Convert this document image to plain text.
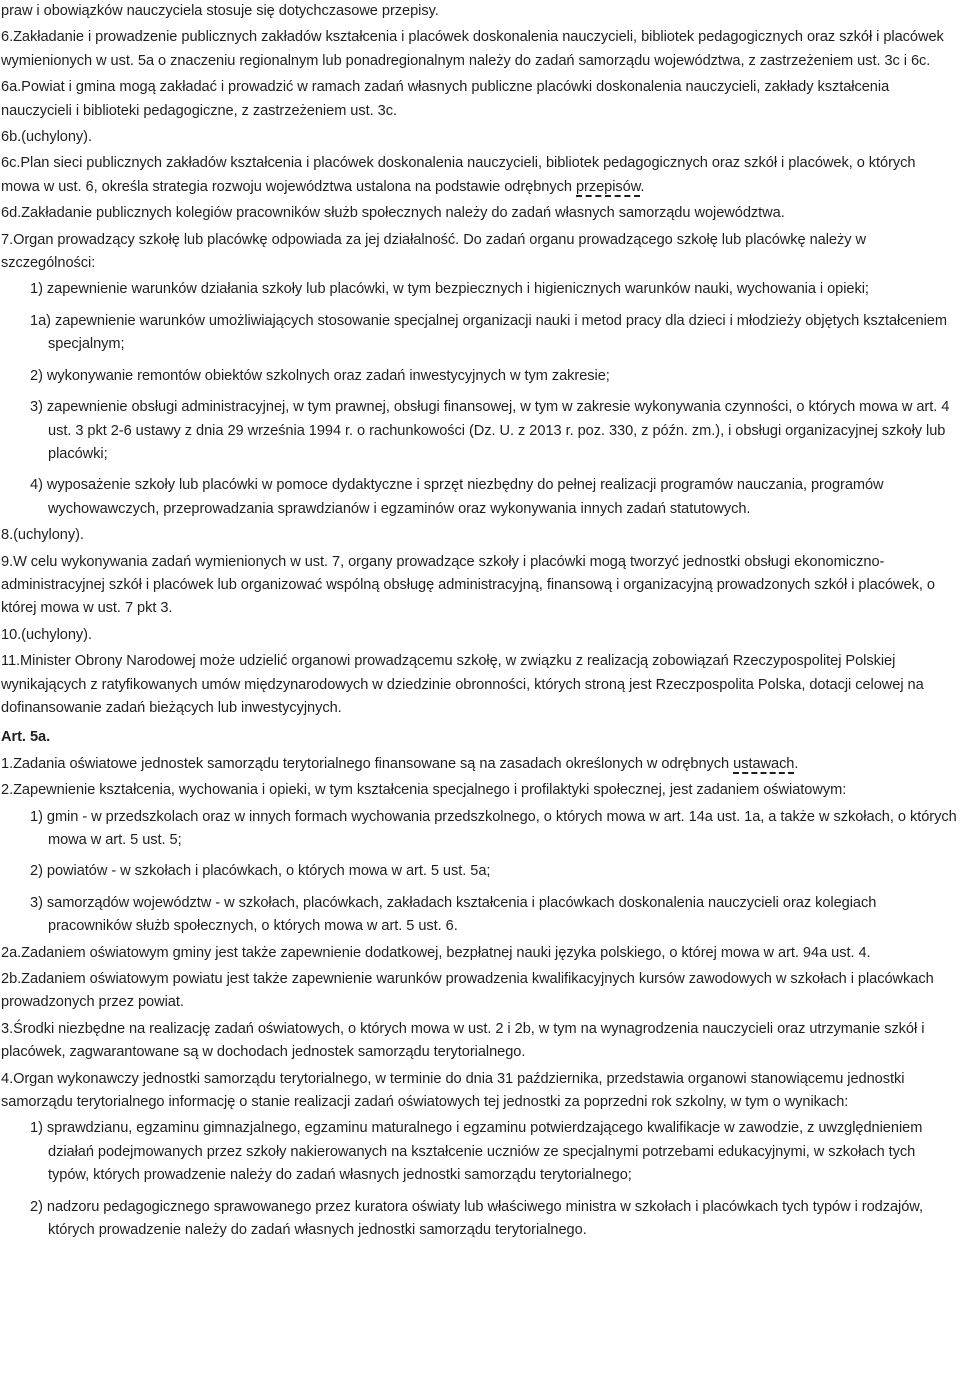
praw i obowiązków nauczyciela stosuje się dotychczasowe przepisy.

6.Zakładanie i prowadzenie publicznych zakładów kształcenia i placówek doskonalenia nauczycieli, bibliotek pedagogicznych oraz szkół i placówek wymienionych w ust. 5a o znaczeniu regionalnym lub ponadregionalnym należy do zadań samorządu województwa, z zastrzeżeniem ust. 3c i 6c.

6a.Powiat i gmina mogą zakładać i prowadzić w ramach zadań własnych publiczne placówki doskonalenia nauczycieli, zakłady kształcenia nauczycieli i biblioteki pedagogiczne, z zastrzeżeniem ust. 3c.

6b.(uchylony).

6c.Plan sieci publicznych zakładów kształcenia i placówek doskonalenia nauczycieli, bibliotek pedagogicznych oraz szkół i placówek, o których mowa w ust. 6, określa strategia rozwoju województwa ustalona na podstawie odrębnych przepisów.

6d.Zakładanie publicznych kolegiów pracowników służb społecznych należy do zadań własnych samorządu województwa.

7.Organ prowadzący szkołę lub placówkę odpowiada za jej działalność. Do zadań organu prowadzącego szkołę lub placówkę należy w szczególności:

1) zapewnienie warunków działania szkoły lub placówki, w tym bezpiecznych i higienicznych warunków nauki, wychowania i opieki;

1a) zapewnienie warunków umożliwiających stosowanie specjalnej organizacji nauki i metod pracy dla dzieci i młodzieży objętych kształceniem specjalnym;

2) wykonywanie remontów obiektów szkolnych oraz zadań inwestycyjnych w tym zakresie;

3) zapewnienie obsługi administracyjnej, w tym prawnej, obsługi finansowej, w tym w zakresie wykonywania czynności, o których mowa w art. 4 ust. 3 pkt 2-6 ustawy z dnia 29 września 1994 r. o rachunkowości (Dz. U. z 2013 r. poz. 330, z późn. zm.), i obsługi organizacyjnej szkoły lub placówki;

4) wyposażenie szkoły lub placówki w pomoce dydaktyczne i sprzęt niezbędny do pełnej realizacji programów nauczania, programów wychowawczych, przeprowadzania sprawdzianów i egzaminów oraz wykonywania innych zadań statutowych.

8.(uchylony).

9.W celu wykonywania zadań wymienionych w ust. 7, organy prowadzące szkoły i placówki mogą tworzyć jednostki obsługi ekonomiczno-administracyjnej szkół i placówek lub organizować wspólną obsługę administracyjną, finansową i organizacyjną prowadzonych szkół i placówek, o której mowa w ust. 7 pkt 3.

10.(uchylony).

11.Minister Obrony Narodowej może udzielić organowi prowadzącemu szkołę, w związku z realizacją zobowiązań Rzeczypospolitej Polskiej wynikających z ratyfikowanych umów międzynarodowych w dziedzinie obronności, których stroną jest Rzeczpospolita Polska, dotacji celowej na dofinansowanie zadań bieżących lub inwestycyjnych.

Art. 5a.

1.Zadania oświatowe jednostek samorządu terytorialnego finansowane są na zasadach określonych w odrębnych ustawach.

2.Zapewnienie kształcenia, wychowania i opieki, w tym kształcenia specjalnego i profilaktyki społecznej, jest zadaniem oświatowym:

1) gmin - w przedszkolach oraz w innych formach wychowania przedszkolnego, o których mowa w art. 14a ust. 1a, a także w szkołach, o których mowa w art. 5 ust. 5;

2) powiatów - w szkołach i placówkach, o których mowa w art. 5 ust. 5a;

3) samorządów województw - w szkołach, placówkach, zakładach kształcenia i placówkach doskonalenia nauczycieli oraz kolegiach pracowników służb społecznych, o których mowa w art. 5 ust. 6.

2a.Zadaniem oświatowym gminy jest także zapewnienie dodatkowej, bezpłatnej nauki języka polskiego, o której mowa w art. 94a ust. 4.

2b.Zadaniem oświatowym powiatu jest także zapewnienie warunków prowadzenia kwalifikacyjnych kursów zawodowych w szkołach i placówkach prowadzonych przez powiat.

3.Środki niezbędne na realizację zadań oświatowych, o których mowa w ust. 2 i 2b, w tym na wynagrodzenia nauczycieli oraz utrzymanie szkół i placówek, zagwarantowane są w dochodach jednostek samorządu terytorialnego.

4.Organ wykonawczy jednostki samorządu terytorialnego, w terminie do dnia 31 października, przedstawia organowi stanowiącemu jednostki samorządu terytorialnego informację o stanie realizacji zadań oświatowych tej jednostki za poprzedni rok szkolny, w tym o wynikach:

1) sprawdzianu, egzaminu gimnazjalnego, egzaminu maturalnego i egzaminu potwierdzającego kwalifikacje w zawodzie, z uwzględnieniem działań podejmowanych przez szkoły nakierowanych na kształcenie uczniów ze specjalnymi potrzebami edukacyjnymi, w szkołach tych typów, których prowadzenie należy do zadań własnych jednostki samorządu terytorialnego;

2) nadzoru pedagogicznego sprawowanego przez kuratora oświaty lub właściwego ministra w szkołach i placówkach tych typów i rodzajów, których prowadzenie należy do zadań własnych jednostki samorządu terytorialnego.
